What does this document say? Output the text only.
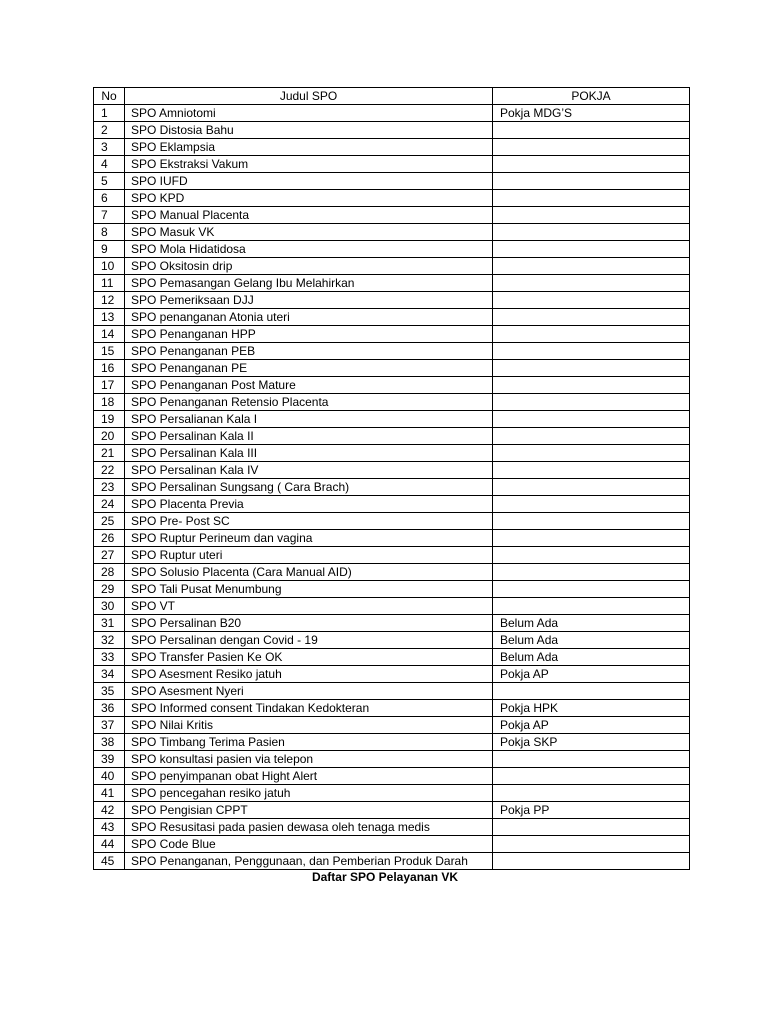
No	Judul SPO	POKJA
1	SPO Amniotomi	Pokja MDG’S
2	SPO Distosia Bahu	
3	SPO Eklampsia	
4	SPO Ekstraksi Vakum	
5	SPO IUFD	
6	SPO KPD	
7	SPO Manual Placenta	
8	SPO Masuk VK	
9	SPO Mola Hidatidosa	
10	SPO Oksitosin drip	
11	SPO Pemasangan Gelang Ibu Melahirkan	
12	SPO Pemeriksaan DJJ	
13	SPO penanganan Atonia uteri	
14	SPO Penanganan HPP	
15	SPO Penanganan PEB	
16	SPO Penanganan PE	
17	SPO Penanganan Post Mature	
18	SPO Penanganan Retensio Placenta	
19	SPO Persalianan Kala I	
20	SPO Persalinan Kala II	
21	SPO Persalinan Kala III	
22	SPO Persalinan Kala IV	
23	SPO Persalinan Sungsang ( Cara Brach)	
24	SPO Placenta Previa	
25	SPO Pre- Post SC	
26	SPO Ruptur Perineum dan vagina	
27	SPO Ruptur uteri	
28	SPO Solusio Placenta (Cara Manual AID)	
29	SPO Tali Pusat Menumbung	
30	SPO VT	
31	SPO Persalinan B20	Belum Ada
32	SPO Persalinan dengan Covid - 19	Belum Ada
33	SPO Transfer Pasien Ke OK	Belum Ada
34	SPO Asesment Resiko jatuh	Pokja AP
35	SPO Asesment Nyeri	
36	SPO Informed consent Tindakan Kedokteran	Pokja HPK
37	SPO Nilai Kritis	Pokja AP
38	SPO Timbang Terima Pasien	Pokja SKP
39	SPO konsultasi pasien via telepon	
40	SPO penyimpanan obat Hight Alert	
41	SPO pencegahan resiko jatuh	
42	SPO Pengisian CPPT	Pokja PP
43	SPO Resusitasi pada pasien dewasa oleh tenaga medis	
44	SPO Code Blue	
45	SPO Penanganan, Penggunaan, dan Pemberian Produk Darah	
Daftar SPO Pelayanan VK
